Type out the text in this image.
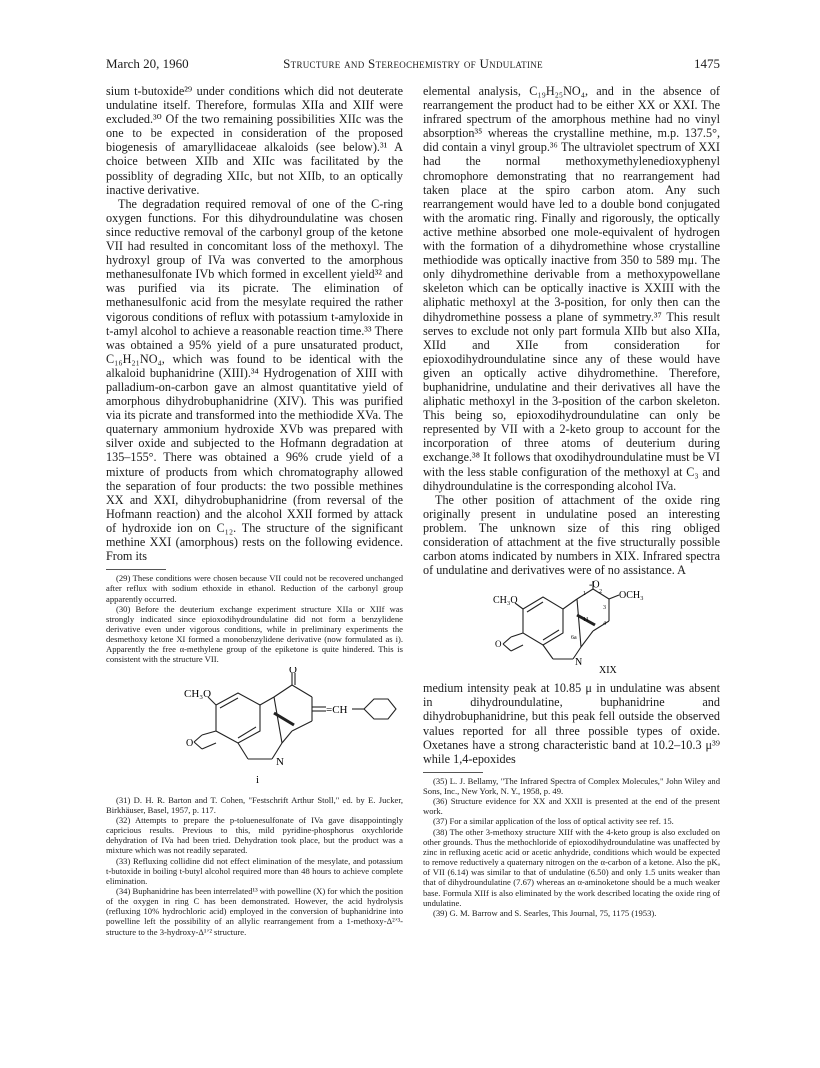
March 20, 1960	Structure and Stereochemistry of Undulatine	1475

sium t-butoxide²⁹ under conditions which did not deuterate undulatine itself. Therefore, formulas XIIa and XIIf were excluded.³⁰ Of the two remaining possibilities XIIc was the one to be expected in consideration of the proposed biogenesis of amaryllidaceae alkaloids (see below).³¹ A choice between XIIb and XIIc was facilitated by the possiblity of degrading XIIc, but not XIIb, to an optically inactive derivative.

The degradation required removal of one of the C-ring oxygen functions. For this dihydroundulatine was chosen since reductive removal of the carbonyl group of the ketone VII had resulted in concomitant loss of the methoxyl. The hydroxyl group of IVa was converted to the amorphous methanesulfonate IVb which formed in excellent yield³² and was purified via its picrate. The elimination of methanesulfonic acid from the mesylate required the rather vigorous conditions of reflux with potassium t-amyloxide in t-amyl alcohol to achieve a reasonable reaction time.³³ There was obtained a 95% yield of a pure unsaturated product, C₁₆H₂₁NO₄, which was found to be identical with the alkaloid buphanidrine (XIII).³⁴ Hydrogenation of XIII with palladium-on-carbon gave an almost quantitative yield of amorphous dihydrobuphanidrine (XIV). This was purified via its picrate and transformed into the methiodide XVa. The quaternary ammonium hydroxide XVb was prepared with silver oxide and subjected to the Hofmann degradation at 135–155°. There was obtained a 96% crude yield of a mixture of products from which chromatography allowed the separation of four products: the two possible methines XX and XXI, dihydrobuphanidrine (from reversal of the Hofmann reaction) and the alcohol XXII formed by attack of hydroxide ion on C₁₂. The structure of the significant methine XXI (amorphous) rests on the following evidence. From its

(29) These conditions were chosen because VII could not be recovered unchanged after reflux with sodium ethoxide in ethanol. Reduction of the carbonyl group apparently occurred.

(30) Before the deuterium exchange experiment structure XIIa or XIIf was strongly indicated since epioxodihydroundulatine did not form a benzylidene derivative even under vigorous conditions, while in preliminary experiments the desmethoxy ketone XI formed a monobenzylidene derivative (now formulated as i). Apparently the free α-methylene group of the epiketone is quite hindered. This is consistent with the structure VII.

CH₃O
O
=CH
O
N
i

(31) D. H. R. Barton and T. Cohen, "Festschrift Arthur Stoll," ed. by E. Jucker, Birkhäuser, Basel, 1957, p. 117.

(32) Attempts to prepare the p-toluenesulfonate of IVa gave disappointingly capricious results. Previous to this, mild pyridine-phosphorus oxychloride dehydration of IVa had been tried. Dehydration took place, but the product was a mixture which was not readily separated.

(33) Refluxing collidine did not effect elimination of the mesylate, and potassium t-butoxide in boiling t-butyl alcohol required more than 48 hours to achieve complete elimination.

(34) Buphanidrine has been interrelated¹³ with powelline (X) for which the position of the oxygen in ring C has been demonstrated. However, the acid hydrolysis (refluxing 10% hydrochloric acid) employed in the conversion of buphanidrine into powelline left the possibility of an allylic rearrangement from a 1-methoxy-Δ²ʼ³-structure to the 3-hydroxy-Δ¹ʼ² structure.

elemental analysis, C₁₉H₂₅NO₄, and in the absence of rearrangement the product had to be either XX or XXI. The infrared spectrum of the amorphous methine had no vinyl absorption³⁵ whereas the crystalline methine, m.p. 137.5°, did contain a vinyl group.³⁶ The ultraviolet spectrum of XXI had the normal methoxymethylenedioxyphenyl chromophore demonstrating that no rearrangement had taken place at the spiro carbon atom. Any such rearrangement would have led to a double bond conjugated with the aromatic ring. Finally and rigorously, the optically active methine absorbed one mole-equivalent of hydrogen with the formation of a dihydromethine whose crystalline methiodide was optically inactive from 350 to 589 mμ. The only dihydromethine derivable from a methoxypowellane skeleton which can be optically inactive is XXIII with the aliphatic methoxyl at the 3-position, for only then can the dihydromethine possess a plane of symmetry.³⁷ This result serves to exclude not only part formula XIIb but also XIIa, XIId and XIIe from consideration for epioxodihydroundulatine since any of these would have given an optically active dihydromethine. Therefore, buphanidrine, undulatine and their derivatives all have the aliphatic methoxyl in the 3-position of the carbon skeleton. This being so, epioxodihydroundulatine can only be represented by VII with a 2-keto group to account for the incorporation of three atoms of deuterium during exchange.³⁸ It follows that oxodihydroundulatine must be VI with the less stable configuration of the methoxyl at C₃ and dihydroundulatine is the corresponding alcohol IVa.

The other position of attachment of the oxide ring originally present in undulatine posed an interesting problem. The unknown size of this ring obliged consideration of attachment at the five structurally possible carbon atoms indicated by numbers in XIX. Infrared spectra of undulatine and derivatives were of no assistance. A

CH₃O
-O
OCH₃
O
N
1 2
3
4
6a
11
XIX

medium intensity peak at 10.85 μ in undulatine was absent in dihydroundulatine, buphanidrine and dihydrobuphanidrine, but this peak fell outside the observed values reported for all three possible types of oxide. Oxetanes have a strong characteristic band at 10.2–10.3 μ³⁹ while 1,4-epoxides

(35) L. J. Bellamy, "The Infrared Spectra of Complex Molecules," John Wiley and Sons, Inc., New York, N. Y., 1958, p. 49.

(36) Structure evidence for XX and XXII is presented at the end of the present work.

(37) For a similar application of the loss of optical activity see ref. 15.

(38) The other 3-methoxy structure XIIf with the 4-keto group is also excluded on other grounds. Thus the methochloride of epioxodihydroundulatine was unaffected by zinc in refluxing acetic acid or acetic anhydride, conditions which would be expected to remove reductively a quaternary nitrogen on the α-carbon of a ketone. Also the pKₐ of VII (6.14) was similar to that of undulatine (6.50) and only 1.5 units weaker than that of dihydroundulatine (7.67) whereas an α-aminoketone should be a much weaker base. Formula XIIf is also eliminated by the work described locating the oxide ring of undulatine.

(39) G. M. Barrow and S. Searles, This Journal, 75, 1175 (1953).
